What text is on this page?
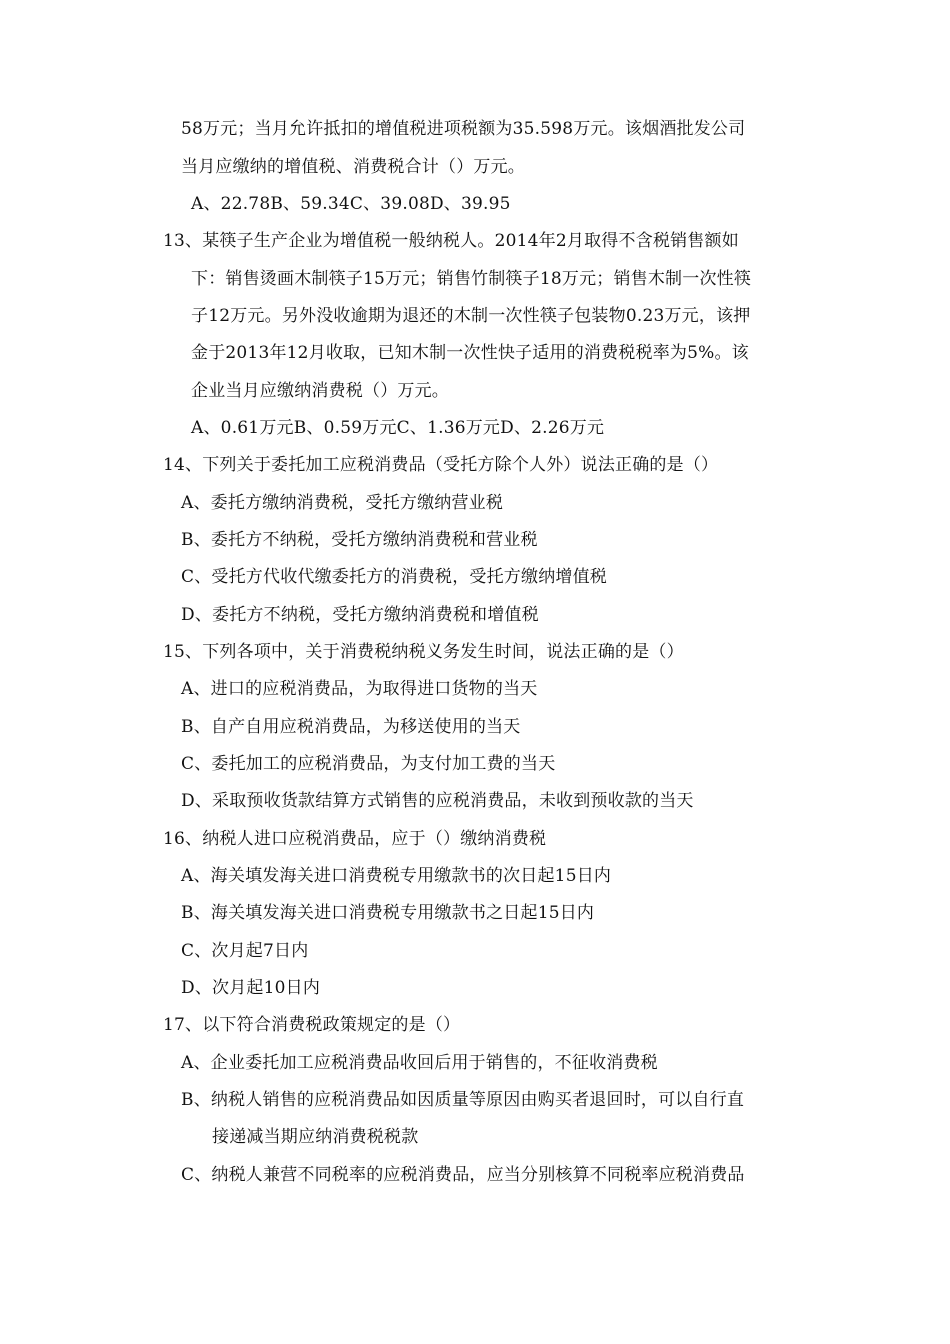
58万元；当月允许抵扣的增值税进项税额为35.598万元。该烟酒批发公司
当月应缴纳的增值税、消费税合计（）万元。
A、22.78B、59.34C、39.08D、39.95
13、某筷子生产企业为增值税一般纳税人。2014年2月取得不含税销售额如
下：销售烫画木制筷子15万元；销售竹制筷子18万元；销售木制一次性筷
子12万元。另外没收逾期为退还的木制一次性筷子包装物0.23万元，该押
金于2013年12月收取，已知木制一次性快子适用的消费税税率为5%。该
企业当月应缴纳消费税（）万元。
A、0.61万元B、0.59万元C、1.36万元D、2.26万元
14、下列关于委托加工应税消费品（受托方除个人外）说法正确的是（）
A、委托方缴纳消费税，受托方缴纳营业税
B、委托方不纳税，受托方缴纳消费税和营业税
C、受托方代收代缴委托方的消费税，受托方缴纳增值税
D、委托方不纳税，受托方缴纳消费税和增值税
15、下列各项中，关于消费税纳税义务发生时间，说法正确的是（）
A、进口的应税消费品，为取得进口货物的当天
B、自产自用应税消费品，为移送使用的当天
C、委托加工的应税消费品，为支付加工费的当天
D、采取预收货款结算方式销售的应税消费品，未收到预收款的当天
16、纳税人进口应税消费品，应于（）缴纳消费税
A、海关填发海关进口消费税专用缴款书的次日起15日内
B、海关填发海关进口消费税专用缴款书之日起15日内
C、次月起7日内
D、次月起10日内
17、以下符合消费税政策规定的是（）
A、企业委托加工应税消费品收回后用于销售的，不征收消费税
B、纳税人销售的应税消费品如因质量等原因由购买者退回时，可以自行直
接递减当期应纳消费税税款
C、纳税人兼营不同税率的应税消费品，应当分别核算不同税率应税消费品
